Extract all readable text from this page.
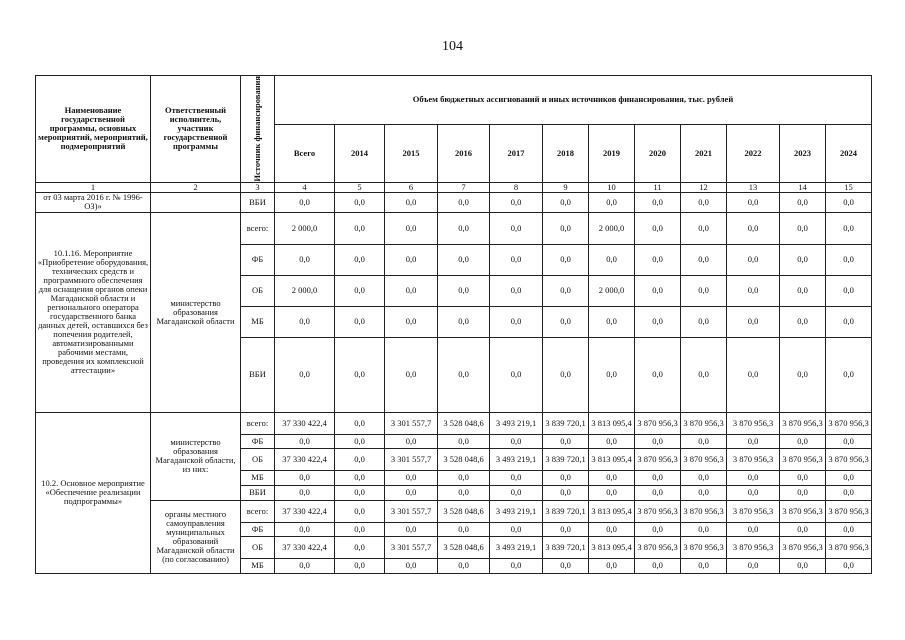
104
Наименование государственной программы, основных мероприятий, мероприятий, подмероприятий	Ответственный исполнитель, участник государственной программы	Источник финансирования	Объем бюджетных ассигнований и иных источников финансирования, тыс. рублей											
			Всего	2014	2015	2016	2017	2018	2019	2020	2021	2022	2023	2024
1	2	3	4	5	6	7	8	9	10	11	12	13	14	15
от 03 марта 2016 г. № 1996-ОЗ)»		ВБИ	0,0	0,0	0,0	0,0	0,0	0,0	0,0	0,0	0,0	0,0	0,0	0,0
10.1.16. Мероприятие «Приобретение оборудования, технических средств и программного обеспечения для оснащения органов опеки Магаданской области и регионального оператора государственного банка данных детей, оставшихся без попечения родителей, автоматизированными рабочими местами, проведения их комплексной аттестации»	министерство образования Магаданской области	всего:	2 000,0	0,0	0,0	0,0	0,0	0,0	2 000,0	0,0	0,0	0,0	0,0	0,0
		ФБ	0,0	0,0	0,0	0,0	0,0	0,0	0,0	0,0	0,0	0,0	0,0	0,0
		ОБ	2 000,0	0,0	0,0	0,0	0,0	0,0	2 000,0	0,0	0,0	0,0	0,0	0,0
		МБ	0,0	0,0	0,0	0,0	0,0	0,0	0,0	0,0	0,0	0,0	0,0	0,0
		ВБИ	0,0	0,0	0,0	0,0	0,0	0,0	0,0	0,0	0,0	0,0	0,0	0,0
10.2. Основное мероприятие «Обеспечение реализации подпрограммы»	министерство образования Магаданской области, из них:	всего:	37 330 422,4	0,0	3 301 557,7	3 528 048,6	3 493 219,1	3 839 720,1	3 813 095,4	3 870 956,3	3 870 956,3	3 870 956,3	3 870 956,3	3 870 956,3
		ФБ	0,0	0,0	0,0	0,0	0,0	0,0	0,0	0,0	0,0	0,0	0,0	0,0
		ОБ	37 330 422,4	0,0	3 301 557,7	3 528 048,6	3 493 219,1	3 839 720,1	3 813 095,4	3 870 956,3	3 870 956,3	3 870 956,3	3 870 956,3	3 870 956,3
		МБ	0,0	0,0	0,0	0,0	0,0	0,0	0,0	0,0	0,0	0,0	0,0	0,0
		ВБИ	0,0	0,0	0,0	0,0	0,0	0,0	0,0	0,0	0,0	0,0	0,0	0,0
	органы местного самоуправления муниципальных образований Магаданской области (по согласованию)	всего:	37 330 422,4	0,0	3 301 557,7	3 528 048,6	3 493 219,1	3 839 720,1	3 813 095,4	3 870 956,3	3 870 956,3	3 870 956,3	3 870 956,3	3 870 956,3
		ФБ	0,0	0,0	0,0	0,0	0,0	0,0	0,0	0,0	0,0	0,0	0,0	0,0
		ОБ	37 330 422,4	0,0	3 301 557,7	3 528 048,6	3 493 219,1	3 839 720,1	3 813 095,4	3 870 956,3	3 870 956,3	3 870 956,3	3 870 956,3	3 870 956,3
		МБ	0,0	0,0	0,0	0,0	0,0	0,0	0,0	0,0	0,0	0,0	0,0	0,0
